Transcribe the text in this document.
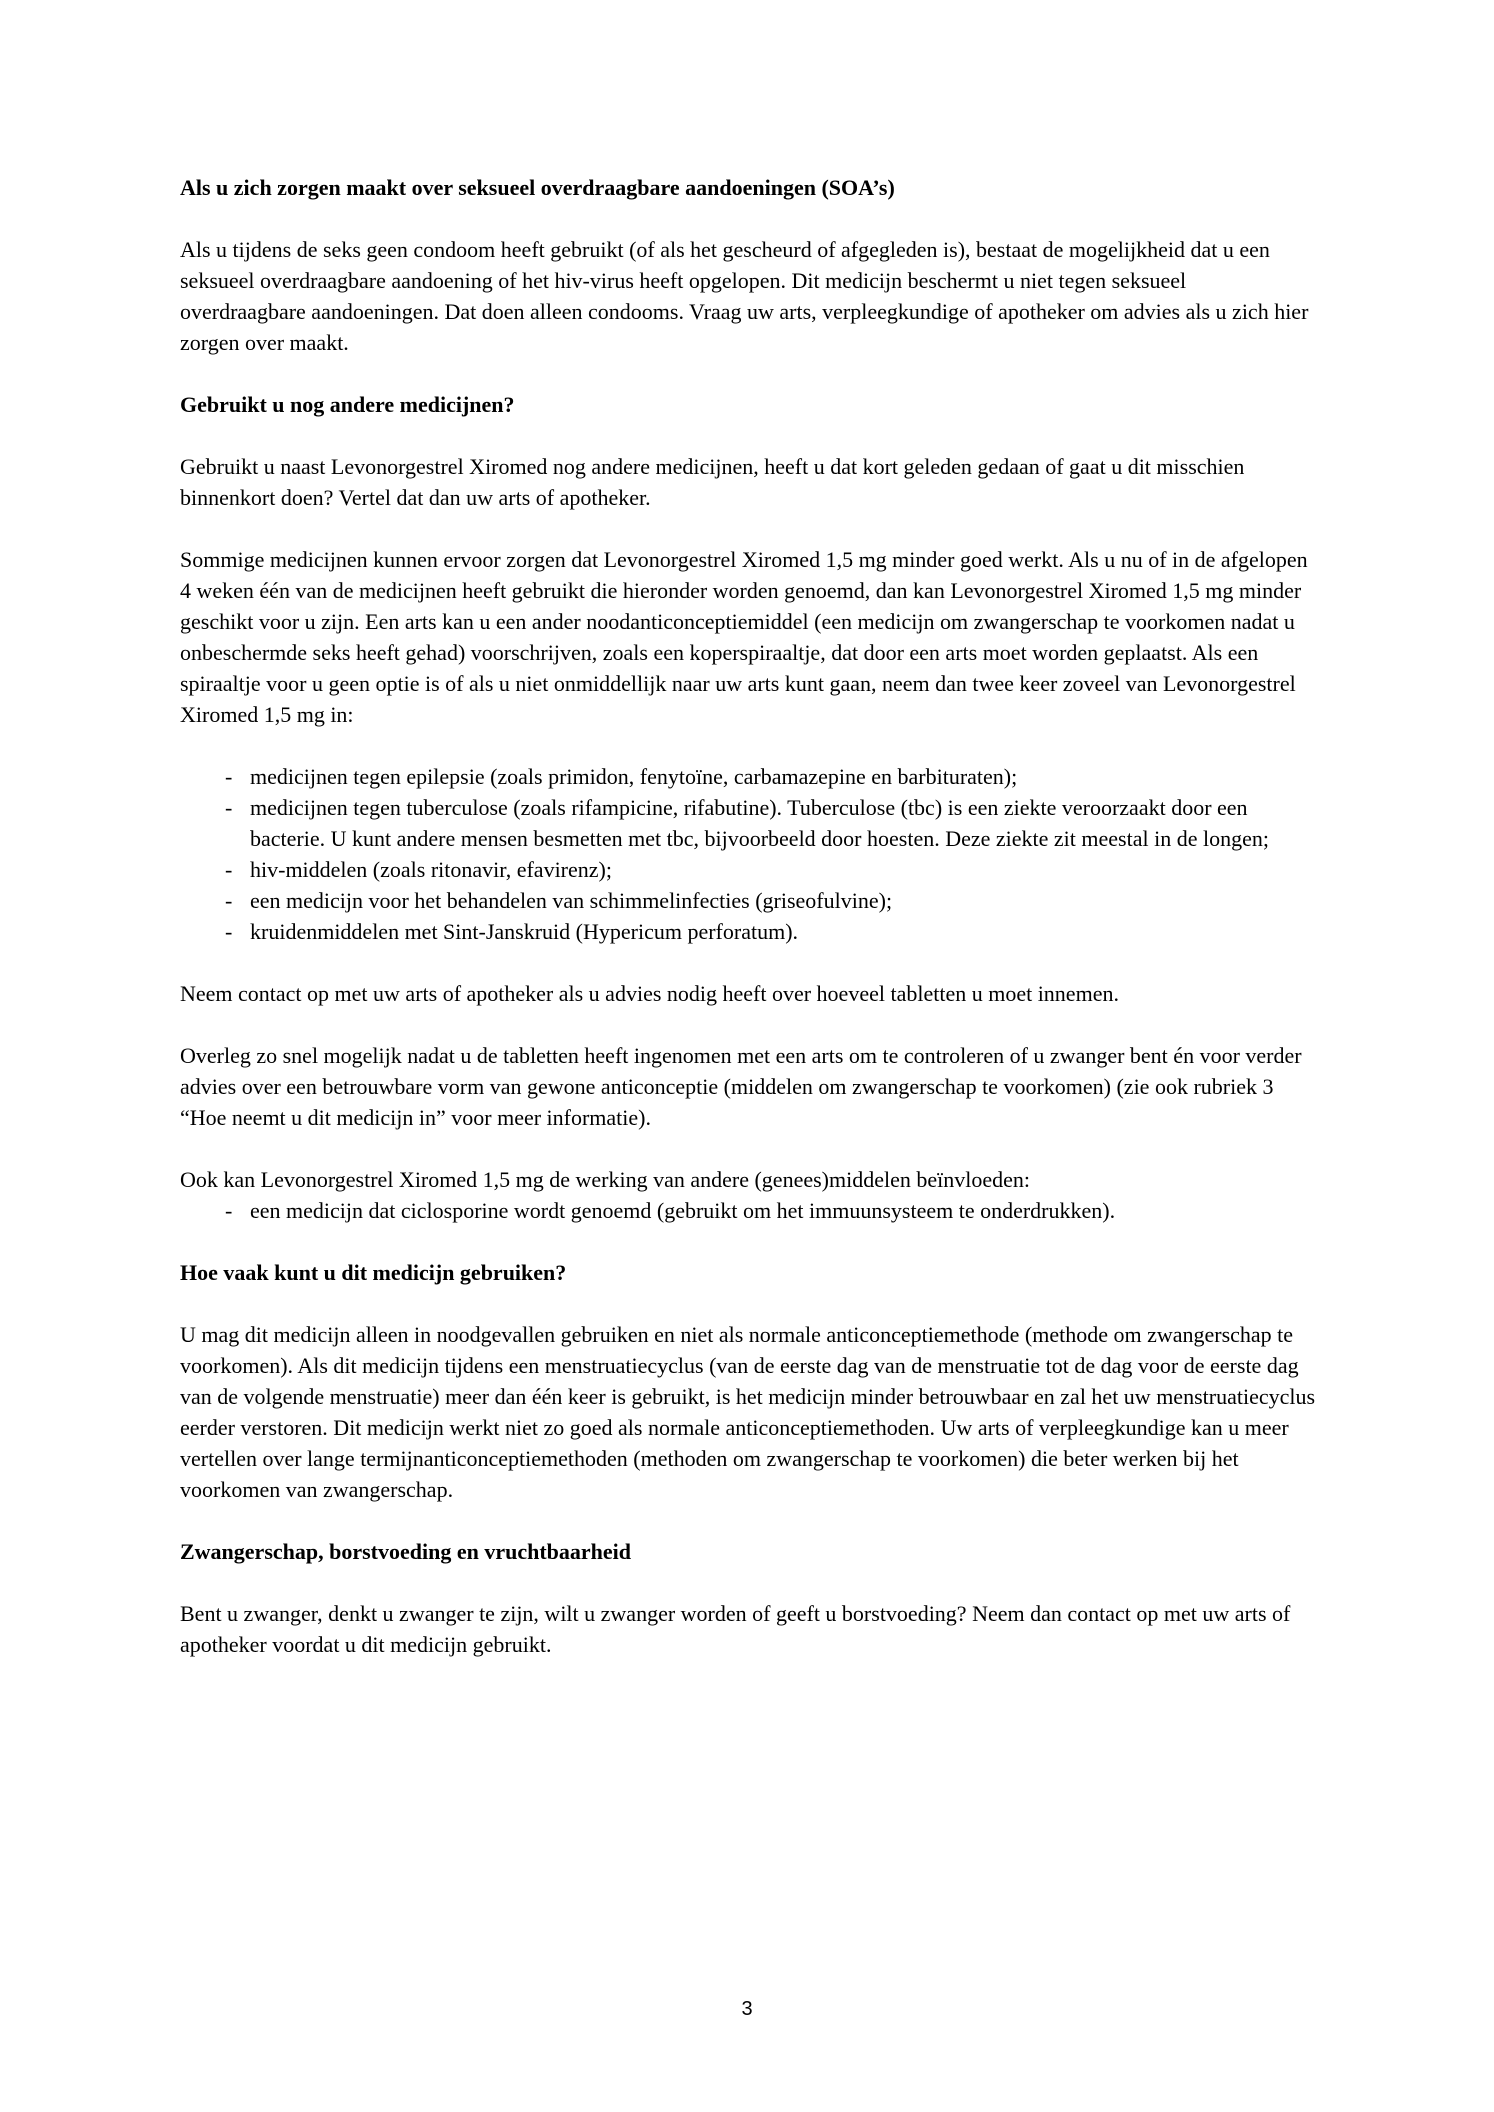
Als u zich zorgen maakt over seksueel overdraagbare aandoeningen (SOA’s)

Als u tijdens de seks geen condoom heeft gebruikt (of als het gescheurd of afgegleden is), bestaat de mogelijkheid dat u een seksueel overdraagbare aandoening of het hiv-virus heeft opgelopen. Dit medicijn beschermt u niet tegen seksueel overdraagbare aandoeningen. Dat doen alleen condooms. Vraag uw arts, verpleegkundige of apotheker om advies als u zich hier zorgen over maakt.

Gebruikt u nog andere medicijnen?

Gebruikt u naast Levonorgestrel Xiromed nog andere medicijnen, heeft u dat kort geleden gedaan of gaat u dit misschien binnenkort doen? Vertel dat dan uw arts of apotheker.

Sommige medicijnen kunnen ervoor zorgen dat Levonorgestrel Xiromed 1,5 mg minder goed werkt. Als u nu of in de afgelopen 4 weken één van de medicijnen heeft gebruikt die hieronder worden genoemd, dan kan Levonorgestrel Xiromed 1,5 mg minder geschikt voor u zijn. Een arts kan u een ander noodanticonceptiemiddel (een medicijn om zwangerschap te voorkomen nadat u onbeschermde seks heeft gehad) voorschrijven, zoals een koperspiraaltje, dat door een arts moet worden geplaatst. Als een spiraaltje voor u geen optie is of als u niet onmiddellijk naar uw arts kunt gaan, neem dan twee keer zoveel van Levonorgestrel Xiromed 1,5 mg in:

- medicijnen tegen epilepsie (zoals primidon, fenytoïne, carbamazepine en barbituraten);
- medicijnen tegen tuberculose (zoals rifampicine, rifabutine). Tuberculose (tbc) is een ziekte veroorzaakt door een bacterie. U kunt andere mensen besmetten met tbc, bijvoorbeeld door hoesten. Deze ziekte zit meestal in de longen;
- hiv-middelen (zoals ritonavir, efavirenz);
- een medicijn voor het behandelen van schimmelinfecties (griseofulvine);
- kruidenmiddelen met Sint-Janskruid (Hypericum perforatum).

Neem contact op met uw arts of apotheker als u advies nodig heeft over hoeveel tabletten u moet innemen.

Overleg zo snel mogelijk nadat u de tabletten heeft ingenomen met een arts om te controleren of u zwanger bent én voor verder advies over een betrouwbare vorm van gewone anticonceptie (middelen om zwangerschap te voorkomen) (zie ook rubriek 3 “Hoe neemt u dit medicijn in” voor meer informatie).

Ook kan Levonorgestrel Xiromed 1,5 mg de werking van andere (genees)middelen beïnvloeden:

- een medicijn dat ciclosporine wordt genoemd (gebruikt om het immuunsysteem te onderdrukken).
Hoe vaak kunt u dit medicijn gebruiken?

U mag dit medicijn alleen in noodgevallen gebruiken en niet als normale anticonceptiemethode (methode om zwangerschap te voorkomen). Als dit medicijn tijdens een menstruatiecyclus (van de eerste dag van de menstruatie tot de dag voor de eerste dag van de volgende menstruatie) meer dan één keer is gebruikt, is het medicijn minder betrouwbaar en zal het uw menstruatiecyclus eerder verstoren. Dit medicijn werkt niet zo goed als normale anticonceptiemethoden. Uw arts of verpleegkundige kan u meer vertellen over lange termijnanticonceptiemethoden (methoden om zwangerschap te voorkomen) die beter werken bij het voorkomen van zwangerschap.

Zwangerschap, borstvoeding en vruchtbaarheid

Bent u zwanger, denkt u zwanger te zijn, wilt u zwanger worden of geeft u borstvoeding? Neem dan contact op met uw arts of apotheker voordat u dit medicijn gebruikt.

3
